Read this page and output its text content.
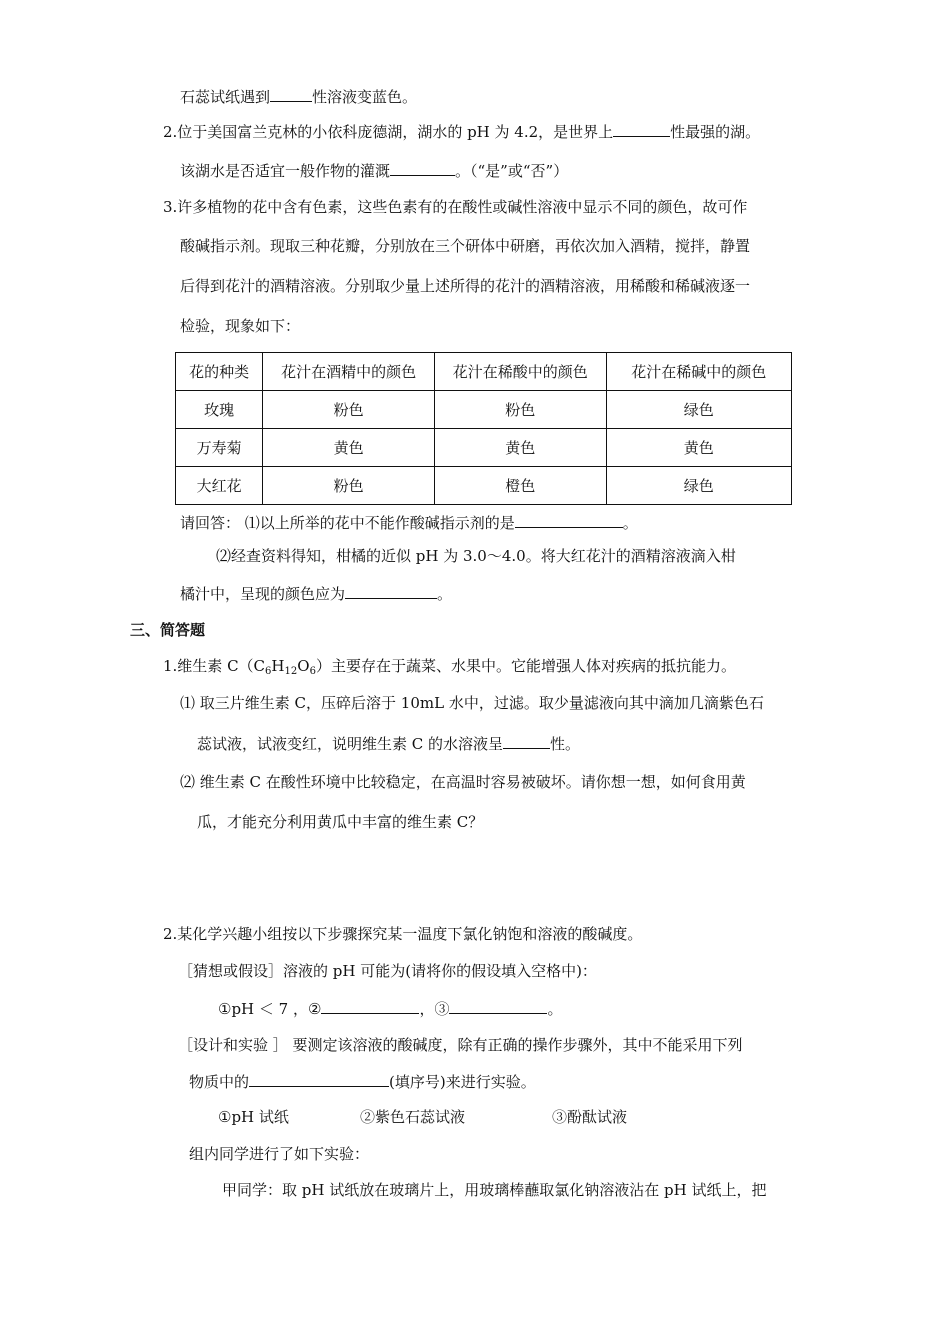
石蕊试纸遇到	性溶液变蓝色。
2.位于美国富兰克林的小依科庞德湖，湖水的 pH 为 4.2，是世界上	性最强的湖。
该湖水是否适宜一般作物的灌溉	。（“是”或“否”）
3.许多植物的花中含有色素，这些色素有的在酸性或碱性溶液中显示不同的颜色，故可作
酸碱指示剂。现取三种花瓣，分别放在三个研体中研磨，再依次加入酒精，搅拌，静置
后得到花汁的酒精溶液。分别取少量上述所得的花汁的酒精溶液，用稀酸和稀碱液逐一
检验，现象如下：
花的种类	花汁在酒精中的颜色	花汁在稀酸中的颜色	花汁在稀碱中的颜色
玫瑰	粉色	粉色	绿色
万寿菊	黄色	黄色	黄色
大红花	粉色	橙色	绿色
请回答： ⑴以上所举的花中不能作酸碱指示剂的是	。
⑵经查资料得知，柑橘的近似 pH 为 3.0～4.0。将大红花汁的酒精溶液滴入柑
橘汁中，呈现的颜色应为	。
三、简答题
1.维生素 $C(C_6H_{12}O_6)$主要存在于蔬菜、水果中。它能增强人体对疾病的抵抗能力。
⑴ 取三片维生素 C，压碎后溶于 10mL 水中，过滤。取少量滤液向其中滴加几滴紫色石
蕊试液，试液变红，说明维生素 C 的水溶液呈	性。
⑵ 维生素 C 在酸性环境中比较稳定，在高温时容易被破坏。请你想一想，如何食用黄
瓜，才能充分利用黄瓜中丰富的维生素 C？
2.某化学兴趣小组按以下步骤探究某一温度下氯化钠饱和溶液的酸碱度。
［猜想或假设］溶液的 pH 可能为(请将你的假设填入空格中)：
①pH ＜ 7 ，②	，③	。
［设计和实验 ］ 要测定该溶液的酸碱度，除有正确的操作步骤外，其中不能采用下列
物质中的	(填序号)来进行实验。
①pH 试纸	②紫色石蕊试液	③酚酞试液
组内同学进行了如下实验：
甲同学：取 pH 试纸放在玻璃片上，用玻璃棒蘸取氯化钠溶液沾在 pH 试纸上，把
